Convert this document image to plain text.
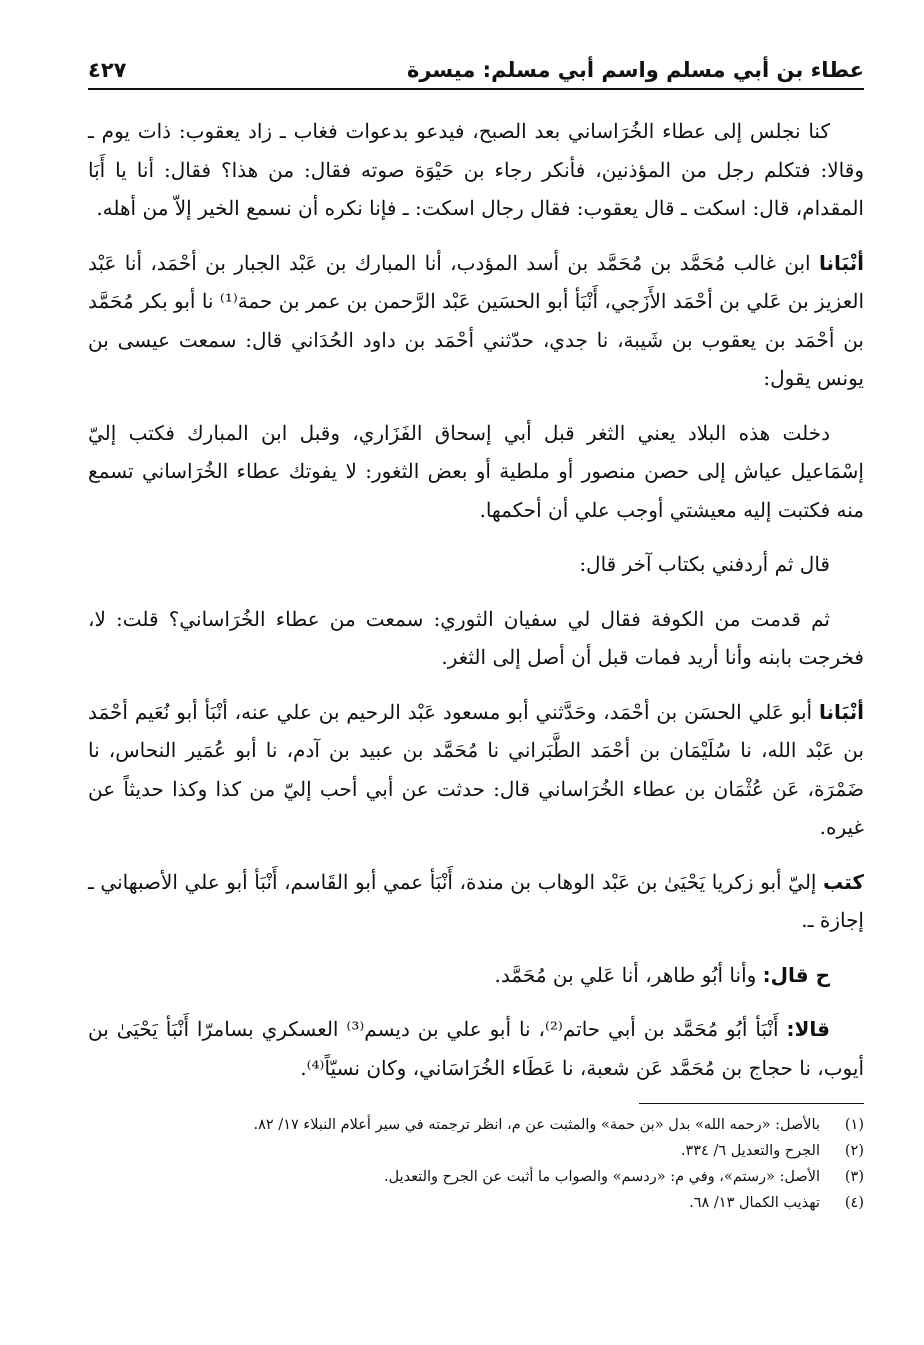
عطاء بن أبي مسلم واسم أبي مسلم: ميسرة
٤٢٧

كنا نجلس إلى عطاء الخُرَاساني بعد الصبح، فيدعو بدعوات فغاب ـ زاد يعقوب: ذات يوم ـ وقالا: فتكلم رجل من المؤذنين، فأنكر رجاء بن حَيْوَة صوته فقال: من هذا؟ فقال: أنا يا أَبَا المقدام، قال: اسكت ـ قال يعقوب: فقال رجال اسكت: ـ فإنا نكره أن نسمع الخير إلاّ من أهله.

أنْبَانا ابن غالب مُحَمَّد بن مُحَمَّد بن أسد المؤدب، أنا المبارك بن عَبْد الجبار بن أحْمَد، أنا عَبْد العزيز بن عَلي بن أحْمَد الأَزَجي، أَنْبَأ أبو الحسَين عَبْد الرَّحمن بن عمر بن حمة⁽¹⁾ نا أبو بكر مُحَمَّد بن أحْمَد بن يعقوب بن شَيبة، نا جدي، حدّثني أحْمَد بن داود الحُدَاني قال: سمعت عيسى بن يونس يقول:

دخلت هذه البلاد يعني الثغر قبل أبي إسحاق الفَزَاري، وقبل ابن المبارك فكتب إليّ إسْمَاعيل عياش إلى حصن منصور أو ملطية أو بعض الثغور: لا يفوتك عطاء الخُرَاساني تسمع منه فكتبت إليه معيشتي أوجب علي أن أحكمها.

قال ثم أردفني بكتاب آخر قال:

ثم قدمت من الكوفة فقال لي سفيان الثوري: سمعت من عطاء الخُرَاساني؟ قلت: لا، فخرجت بابنه وأنا أريد فمات قبل أن أصل إلى الثغر.

أنْبَانا أبو عَلي الحسَن بن أحْمَد، وحَدَّثني أبو مسعود عَبْد الرحيم بن علي عنه، أنْبَأ أبو نُعَيم أحْمَد بن عَبْد الله، نا سُلَيْمَان بن أحْمَد الطَّبَراني نا مُحَمَّد بن عبيد بن آدم، نا أبو عُمَير النحاس، نا ضَمْرَة، عَن عُثْمَان بن عطاء الخُرَاساني قال: حدثت عن أبي أحب إليّ من كذا وكذا حديثاً عن غيره.

كتب إليّ أبو زكريا يَحْيَىٰ بن عَبْد الوهاب بن مندة، أَنْبَأ عمي أبو القَاسم، أَنْبَأ أبو علي الأصبهاني ـ إجازة ـ.

ح قال: وأنا أبُو طاهر، أنا عَلي بن مُحَمَّد.

قالا: أَنْبَأ أبُو مُحَمَّد بن أبي حاتم⁽²⁾، نا أبو علي بن ديسم⁽³⁾ العسكري بسامرّا أَنْبَأ يَحْيَىٰ بن أيوب، نا حجاج بن مُحَمَّد عَن شعبة، نا عَطَاء الخُرَاسَاني، وكان نسيّاً⁽⁴⁾.

(١)
بالأصل: «رحمه الله» بدل «بن حمة» والمثبت عن م، انظر ترجمته في سير أعلام النبلاء ١٧/ ٨٢.
(٢)
الجرح والتعديل ٦/ ٣٣٤.
(٣)
الأصل: «رستم»، وفي م: «ردسم» والصواب ما أثبت عن الجرح والتعديل.
(٤)
تهذيب الكمال ١٣/ ٦٨.
